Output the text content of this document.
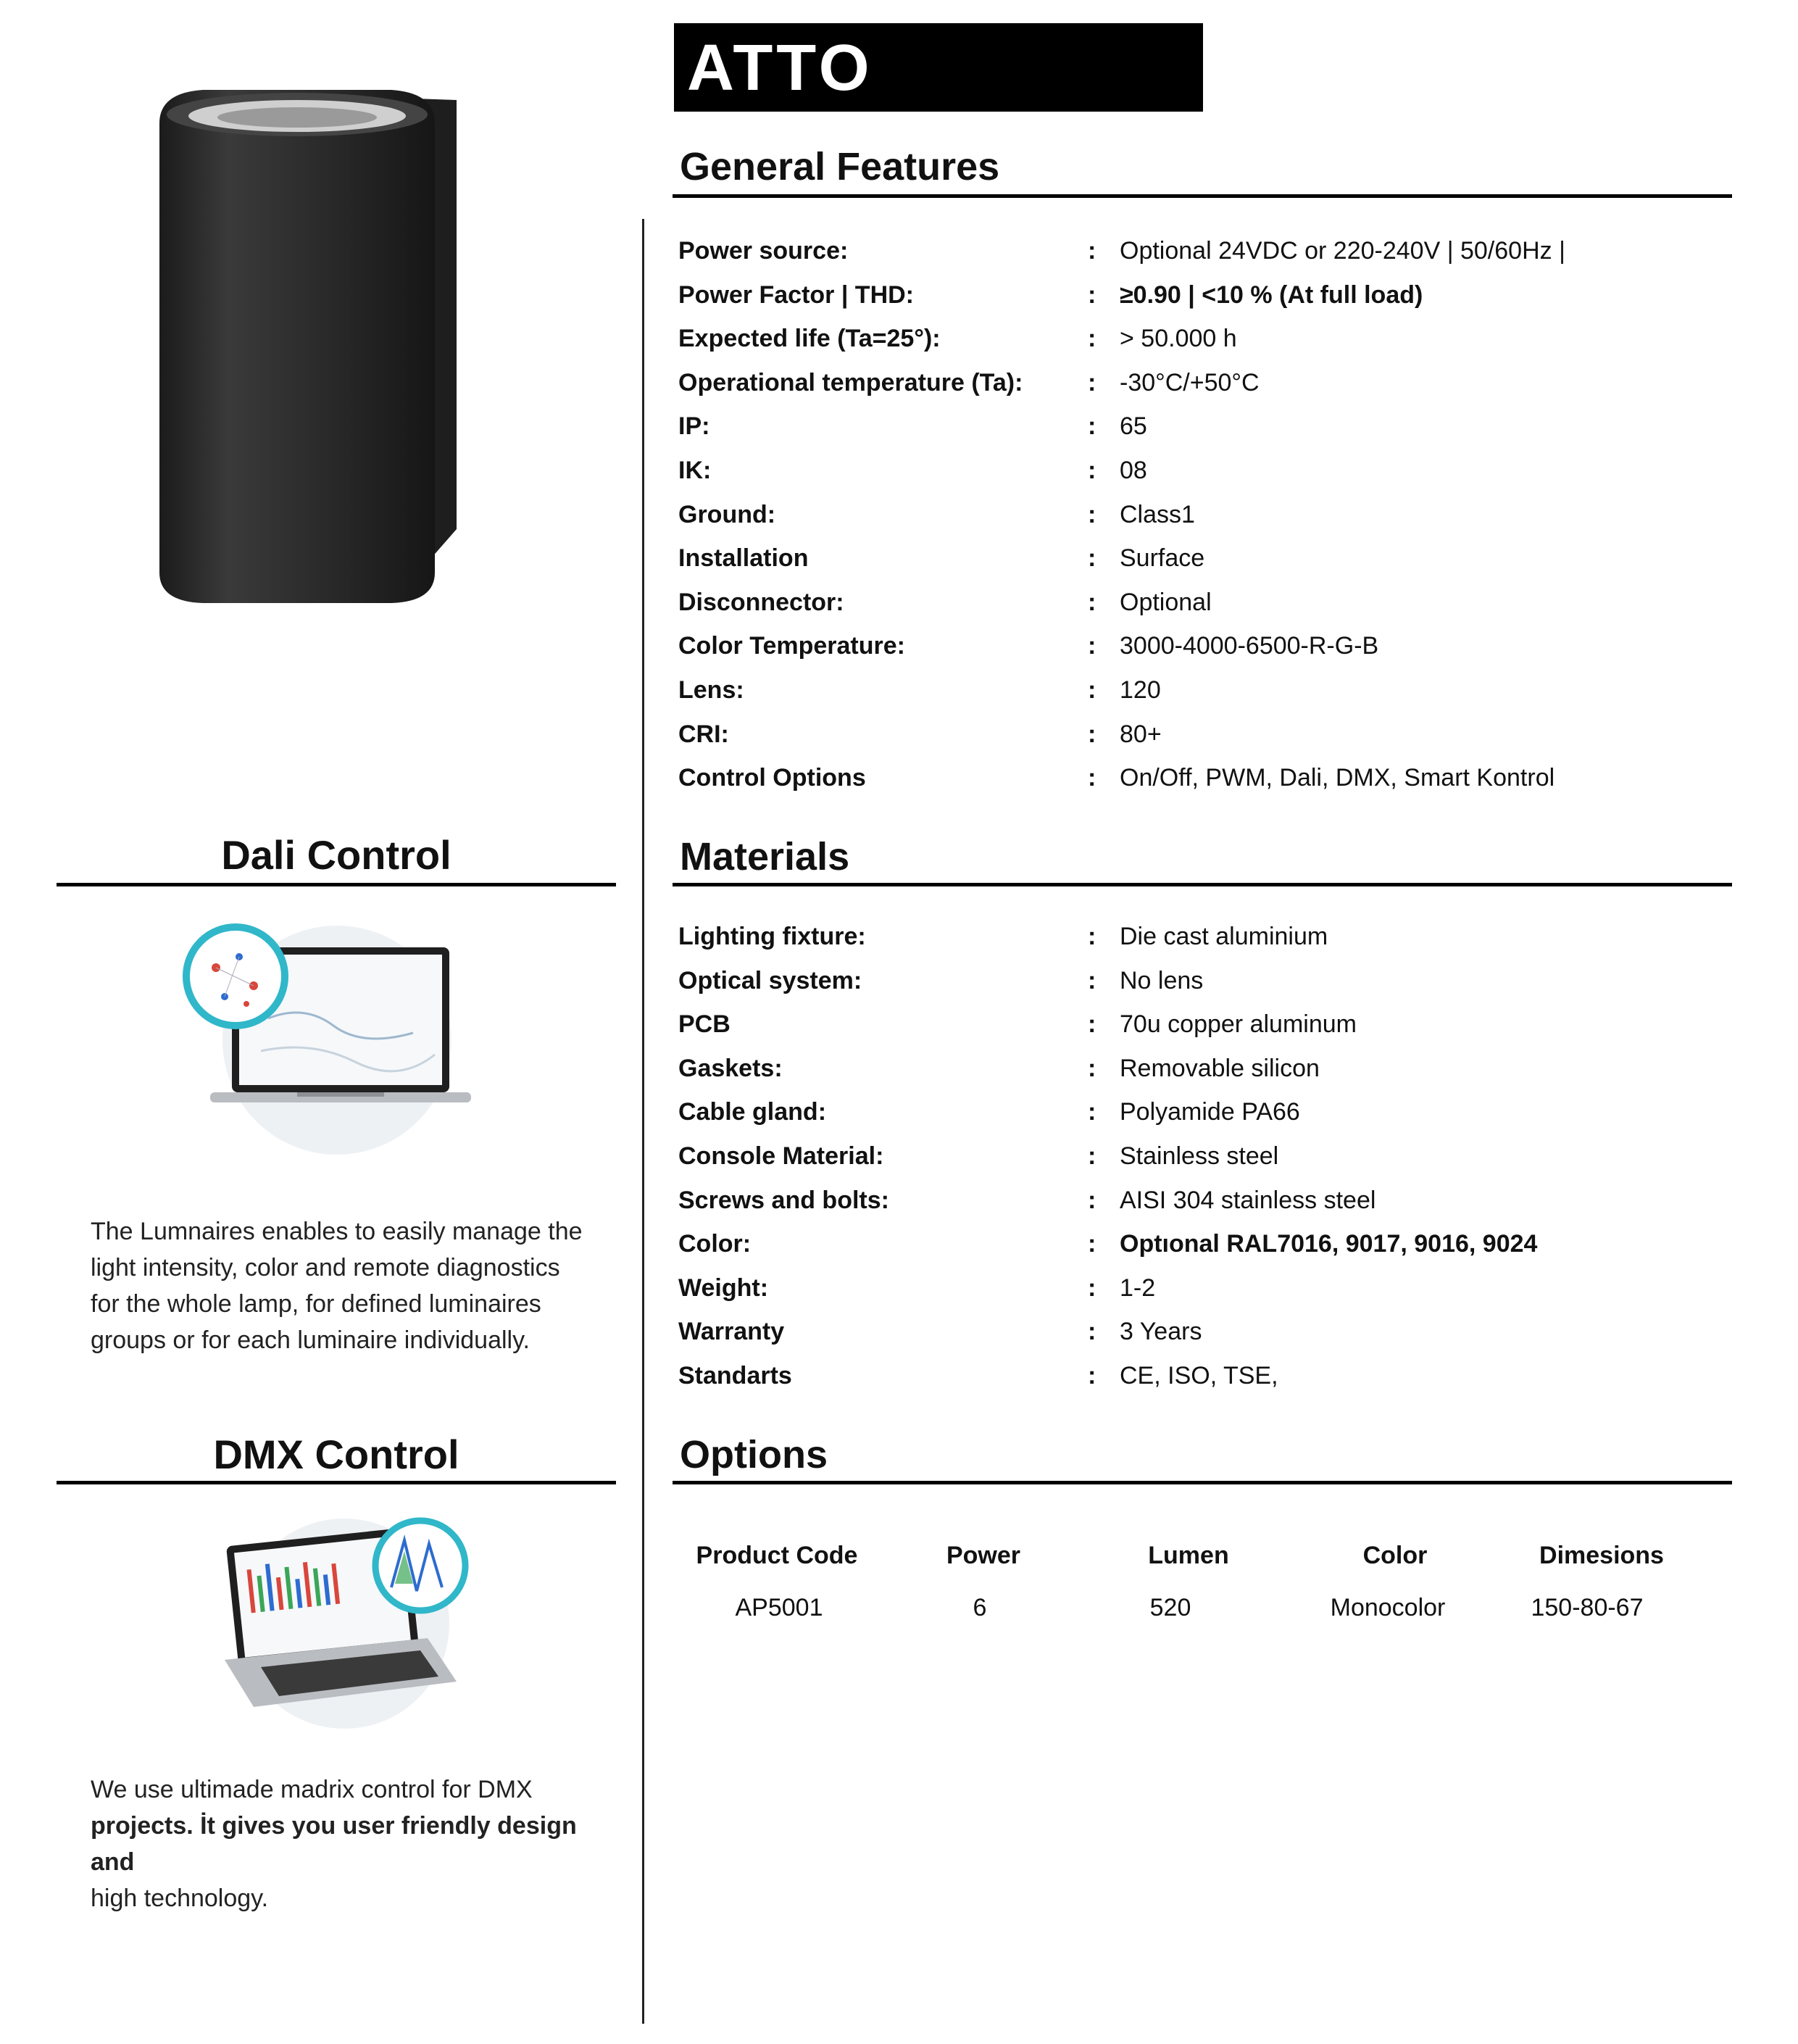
ATTO
General Features
Power source:	: Optional 24VDC or 220-240V | 50/60Hz |
Power Factor | THD:	: ≥0.90 | <10 % (At full load)
Expected life (Ta=25°):	: > 50.000 h
Operational temperature (Ta):	: -30°C/+50°C
IP:	: 65
IK:	: 08
Ground:	: Class1
Installation	: Surface
Disconnector:	: Optional
Color Temperature:	: 3000-4000-6500-R-G-B
Lens:	: 120
CRI:	: 80+
Control Options	: On/Off, PWM, Dali, DMX, Smart Kontrol
Materials
Lighting fixture:	: Die cast aluminium
Optical system:	: No lens
PCB	: 70u copper aluminum
Gaskets:	: Removable silicon
Cable gland:	: Polyamide PA66
Console Material:	: Stainless steel
Screws and bolts:	: AISI 304 stainless steel
Color:	: Optıonal RAL7016, 9017, 9016, 9024
Weight:	: 1-2
Warranty	: 3 Years
Standarts	: CE, ISO, TSE,
Options
Product Code	Power	Lumen	Color	Dimesions
AP5001	6	520	Monocolor	150-80-67
Dali Control
The Lumnaires enables to easily manage the
light intensity, color and remote diagnostics
for the whole lamp, for defined luminaires
groups or for each luminaire individually.
DMX Control
We use ultimade madrix control for DMX
projects. İt gives you user friendly design and
high technology.
